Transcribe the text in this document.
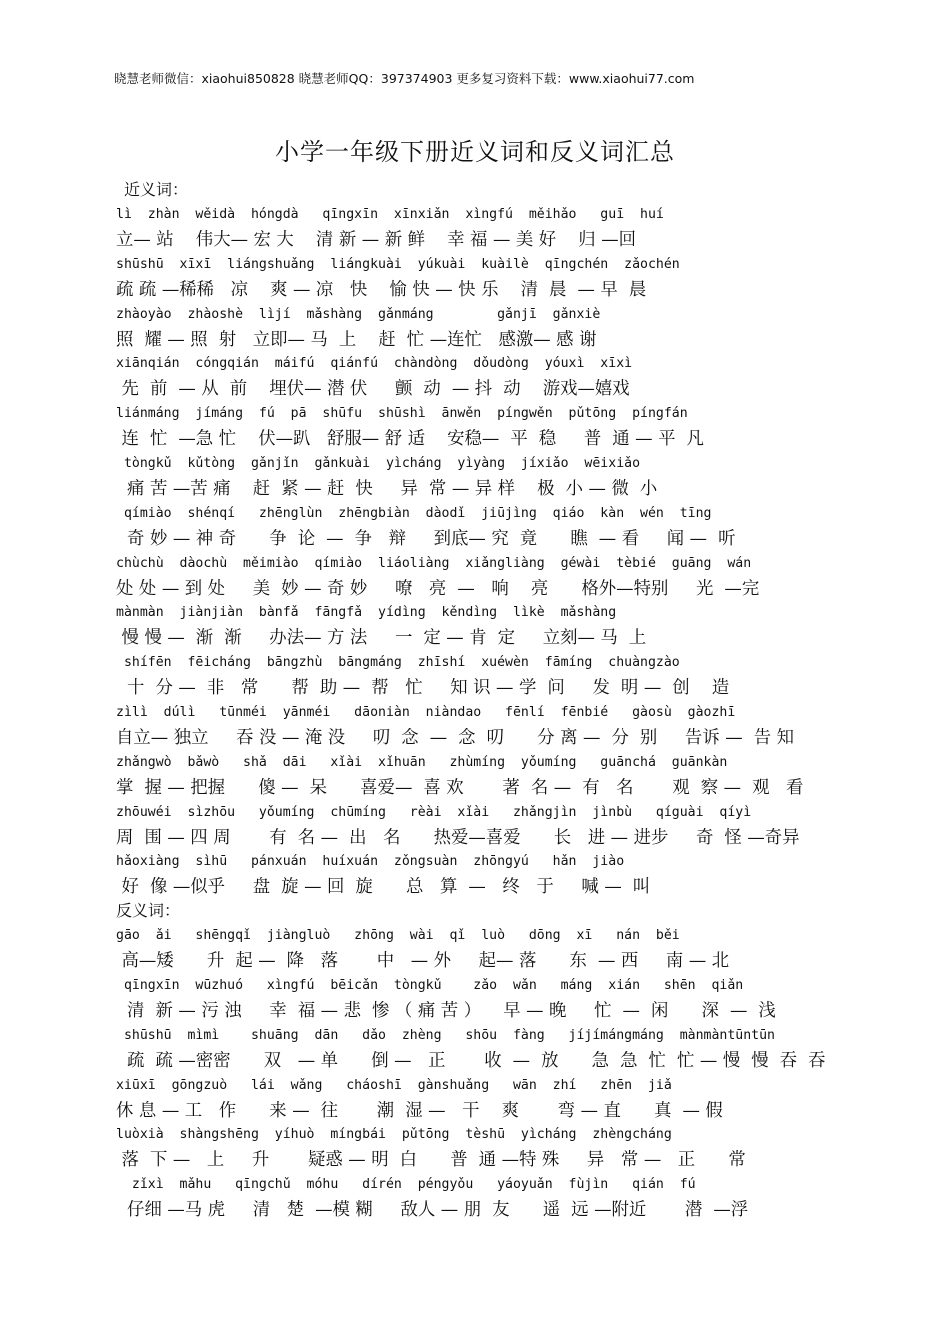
晓慧老师微信：xiaohui850828 晓慧老师QQ：397374903 更多复习资料下载：www.xiaohui77.com
小学一年级下册近义词和反义词汇总
近义词：
反义词：
lì  zhàn  wěidà  hóngdà   qīngxīn  xīnxiǎn  xìngfú  měihǎo   guī  huí
立— 站    伟大— 宏 大    清 新 — 新 鲜    幸 福 — 美 好    归 —回
shūshū  xīxī  liángshuǎng  liángkuài  yúkuài  kuàilè  qīngchén  zǎochén
疏 疏 —稀稀   凉    爽 — 凉   快    愉 快 — 快 乐    清  晨  — 早  晨
zhàoyào  zhàoshè  lìjí  mǎshàng  gǎnmáng        gǎnjī  gǎnxiè
照  耀 — 照  射   立即— 马  上    赶  忙 —连忙   感激— 感 谢
xiānqián  cóngqián  máifú  qiánfú  chàndòng  dǒudòng  yóuxì  xīxì
先  前  — 从  前    埋伏— 潜 伏     颤  动  — 抖  动    游戏—嬉戏
liánmáng  jímáng  fú  pā  shūfu  shūshì  ānwěn  píngwěn  pǔtōng  píngfán
连  忙  —急 忙    伏—趴   舒服— 舒 适    安稳—  平  稳     普  通 — 平  凡
tòngkǔ  kǔtòng  gǎnjǐn  gǎnkuài  yìcháng  yìyàng  jíxiǎo  wēixiǎo
痛 苦 —苦 痛    赶  紧 — 赶  快     异  常 — 异 样    极  小 — 微  小
qímiào  shénqí   zhēnglùn  zhēngbiàn  dàodǐ  jiūjìng  qiáo  kàn  wén  tīng
奇 妙 — 神 奇      争  论  —  争   辩     到底— 究  竟      瞧  — 看     闻 —  听
chùchù  dàochù  měimiào  qímiào  liáoliàng  xiǎngliàng  géwài  tèbié  guāng  wán
处 处 — 到 处     美  妙 — 奇 妙     嘹   亮  —   响    亮      格外—特别     光  —完
mànmàn  jiànjiàn  bànfǎ  fāngfǎ  yídìng  kěndìng  lìkè  mǎshàng
慢 慢 —  渐  渐     办法— 方 法     一  定 — 肯  定     立刻— 马  上
shífēn  fēicháng  bāngzhù  bāngmáng  zhīshí  xuéwèn  fāmíng  chuàngzào
十  分 —  非   常      帮  助 —  帮   忙     知 识 — 学  问     发  明 —  创    造
zìlì  dúlì   tūnméi  yānméi   dāoniàn  niàndao   fēnlí  fēnbié   gàosù  gàozhī
自立— 独立     吞 没 — 淹 没     叨  念  —  念  叨      分 离 —  分  别     告诉 —  告 知
zhǎngwò  bǎwò   shǎ  dāi   xǐài  xǐhuān   zhùmíng  yǒumíng   guānchá  guānkàn
掌  握 — 把握      傻 —  呆      喜爱—  喜 欢       著  名 —  有   名       观  察 —  观   看
zhōuwéi  sìzhōu   yǒumíng  chūmíng   rèài  xǐài   zhǎngjìn  jìnbù   qíguài  qíyì
周  围 — 四 周       有  名 —  出   名      热爱—喜爱      长   进 — 进步     奇  怪 —奇异
hǎoxiàng  sìhū   pánxuán  huíxuán  zǒngsuàn  zhōngyú   hǎn  jiào
好  像 —似乎     盘  旋 — 回  旋      总   算  —   终   于     喊 —  叫
gāo  ǎi   shēngqǐ  jiàngluò   zhōng  wài  qǐ  luò   dōng  xī   nán  běi
高—矮      升  起 —  降   落       中   — 外     起— 落      东  — 西     南 — 北
qīngxīn  wūzhuó   xìngfú  bēicǎn  tòngkǔ    zǎo  wǎn   máng  xián   shēn  qiǎn
清  新 — 污 浊     幸  福 — 悲  惨 （ 痛 苦 ）    早 — 晚     忙  —  闲      深  —  浅
shūshū  mìmì    shuāng  dān   dǎo  zhèng   shōu  fàng   jíjímángmáng  mànmàntūntūn
疏  疏 —密密      双   — 单      倒 —   正       收  —  放      急  急  忙  忙 — 慢  慢  吞  吞
xiūxī  gōngzuò   lái  wǎng   cháoshī  gànshuǎng   wān  zhí   zhēn  jiǎ
休 息 — 工   作      来 —  往       潮  湿 —   干    爽       弯 — 直      真  — 假
luòxià  shàngshēng  yíhuò  míngbái  pǔtōng  tèshū  yìcháng  zhèngcháng
落  下 —   上     升       疑惑 — 明  白      普  通 —特 殊     异   常 —   正      常
zǐxì  mǎhu   qīngchǔ  móhu   dírén  péngyǒu   yáoyuǎn  fùjìn   qián  fú
仔细 —马 虎     清   楚  —模 糊     敌人 — 朋  友      遥  远 —附近       潜  —浮
